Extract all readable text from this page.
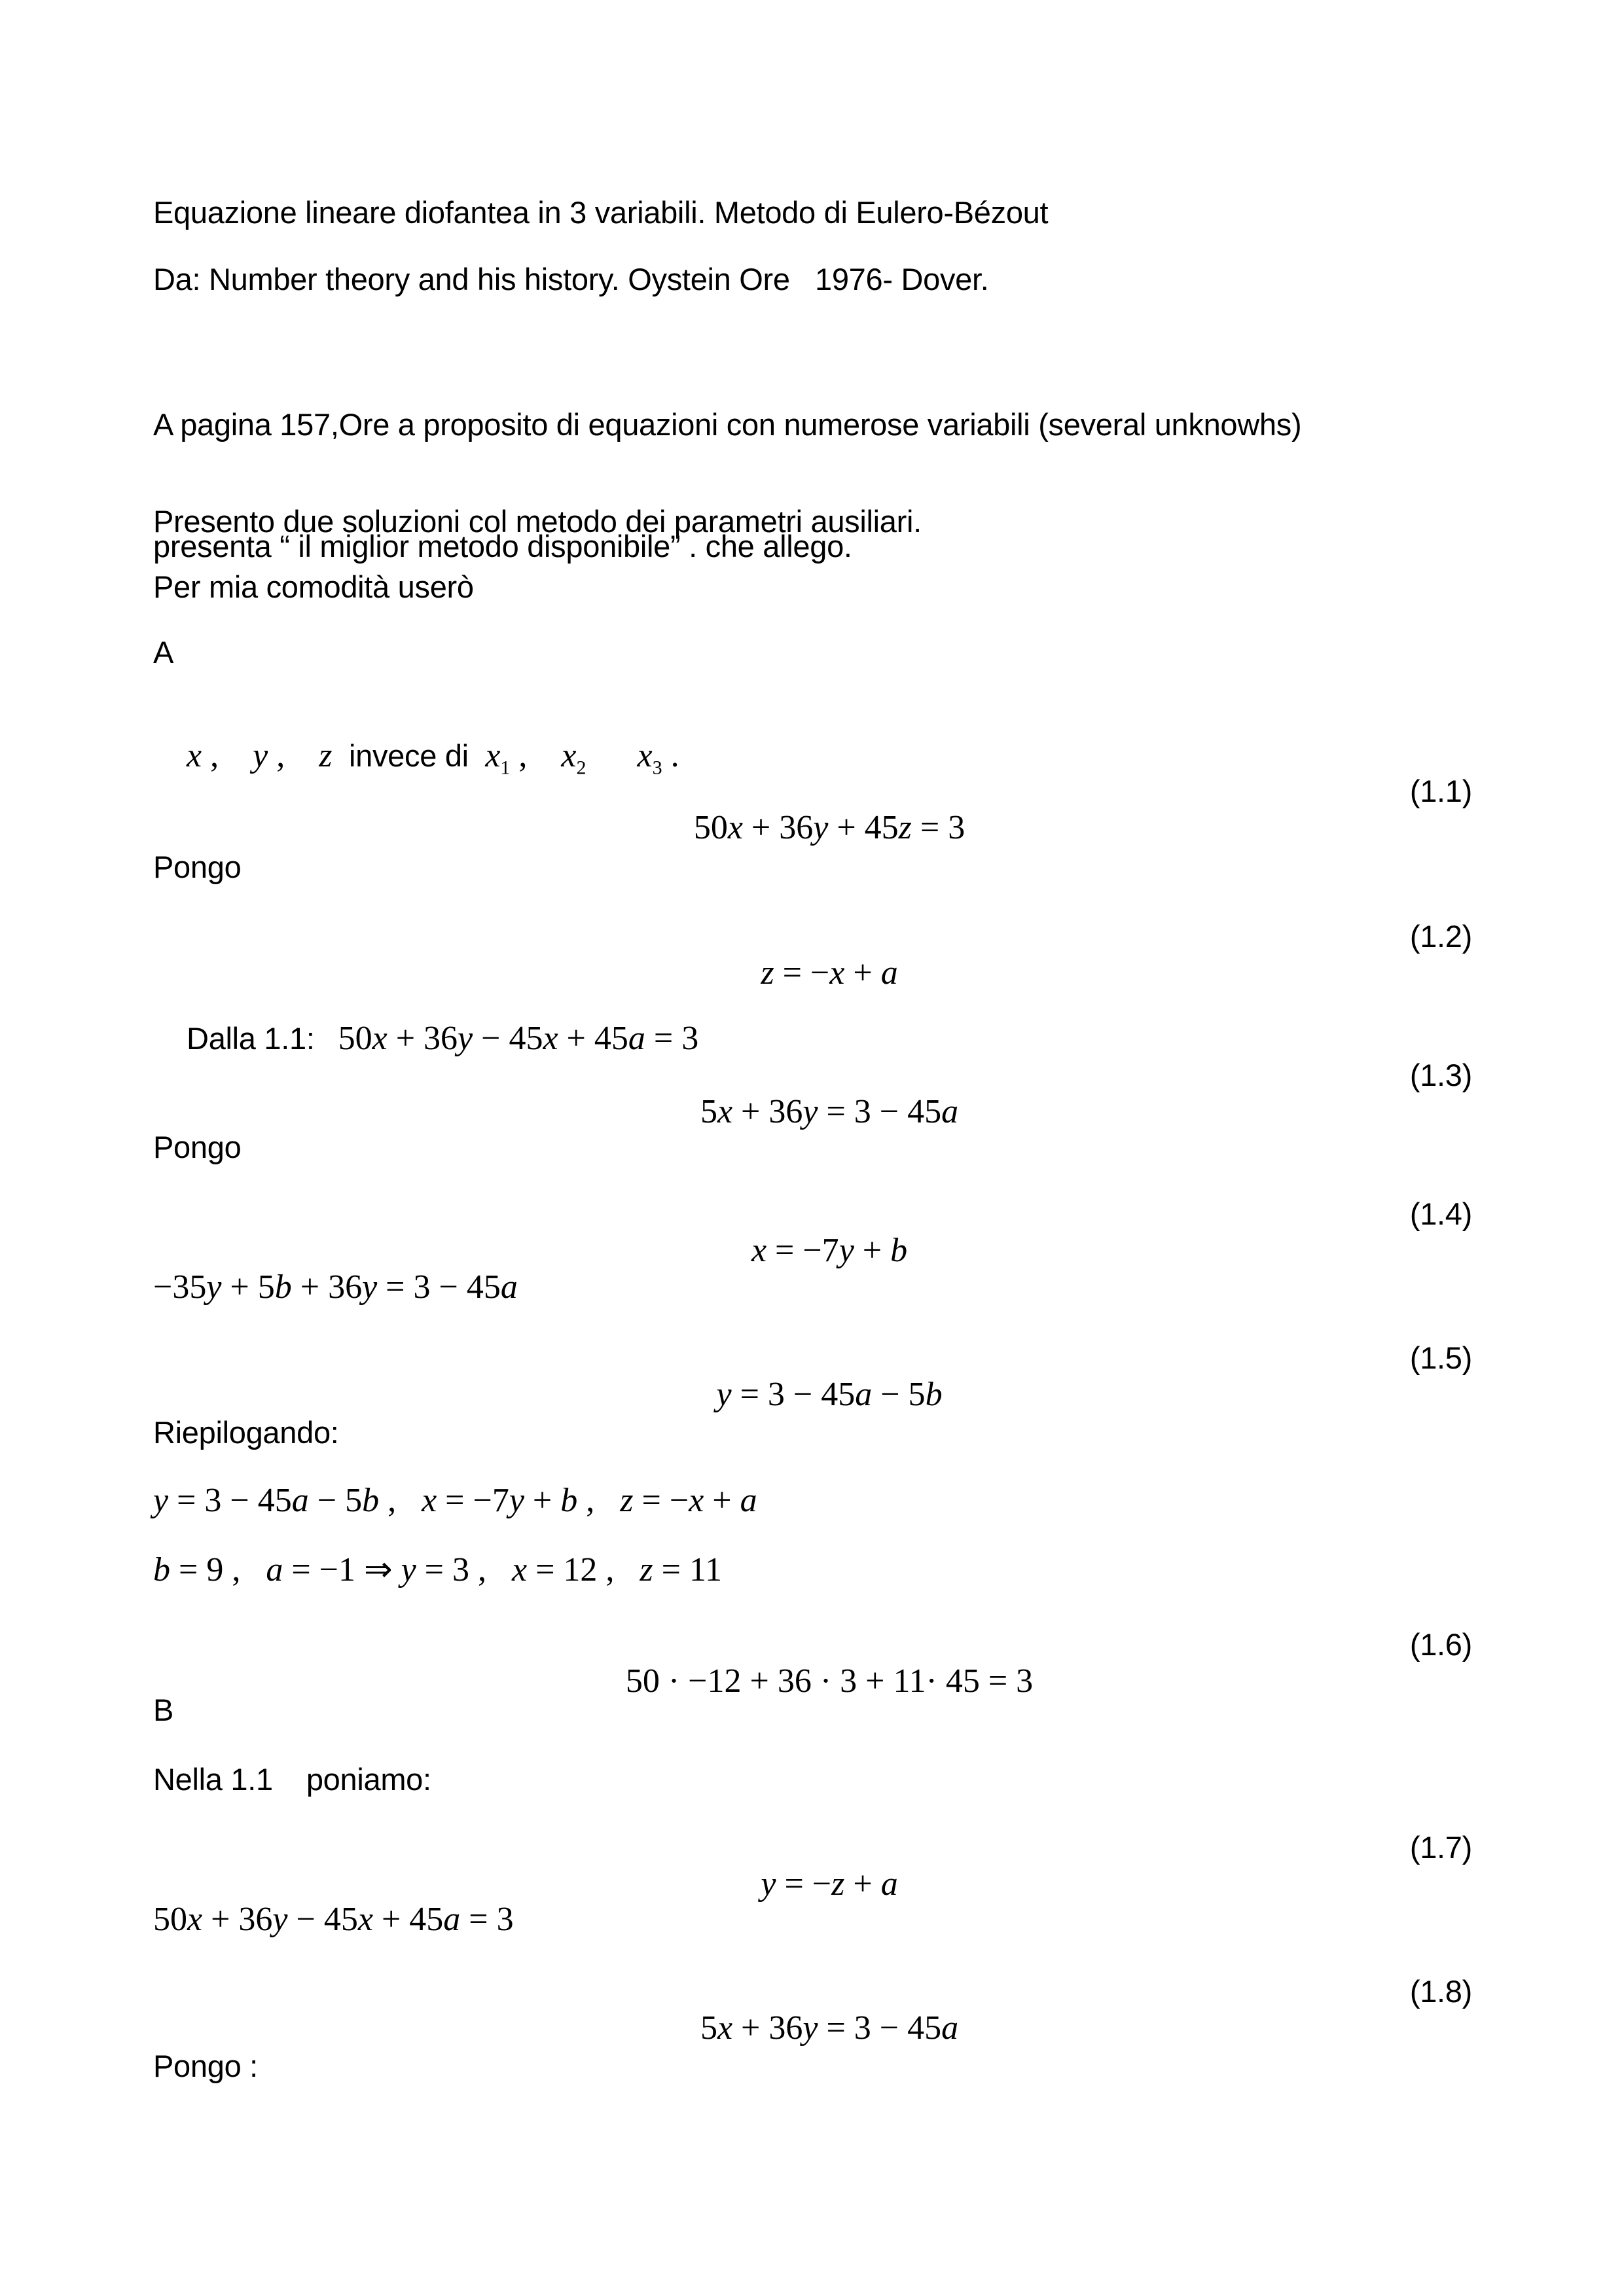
Equazione lineare diofantea in 3 variabili. Metodo di Eulero-Bézout
Da: Number theory and his history. Oystein Ore   1976- Dover.

A pagina 157,Ore a proposito di equazioni con numerose variabili (several unknowhs)

presenta “ il miglior metodo disponibile” . che allego.

Presento due soluzioni col metodo dei parametri ausiliari.
Per mia comodità userò
A

x ,    y ,    z  invece di  $x_1$ ,    $x_2$ $x_3$ .

50x + 36y + 45z = 3

(1.1)

Pongo

z = −x + a

(1.2)

Dalla 1.1: 50x + 36y − 45x + 45a = 3

5x + 36y = 3 − 45a

(1.3)

Pongo

x = −7y + b

(1.4)

−35y + 5b + 36y = 3 − 45a

y = 3 − 45a − 5b

(1.5)

Riepilogando:
y = 3 − 45a − 5b ,   x = −7y + b ,   z = −x + a
b = 9 ,   a = −1 ⇒ y = 3 ,   x = 12 ,   z = 11

50 · −12 + 36 · 3 + 11· 45 = 3

(1.6)

B
Nella 1.1    poniamo:

y = −z + a

(1.7)

50x + 36y − 45x + 45a = 3

5x + 36y = 3 − 45a

(1.8)

Pongo :
